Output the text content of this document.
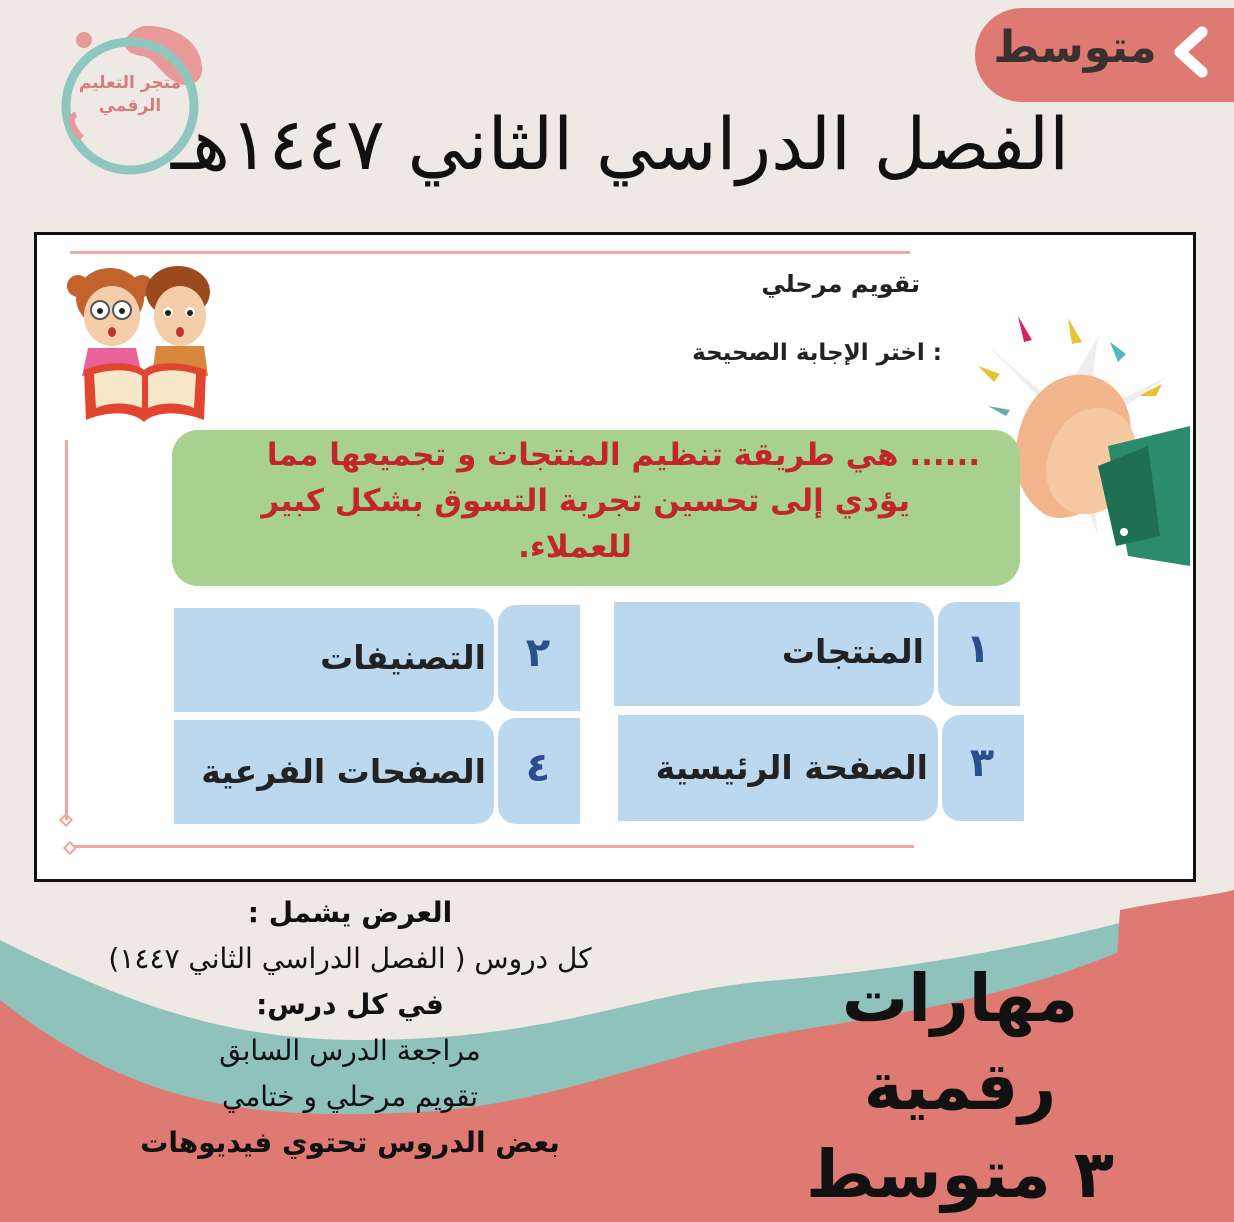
متوسط
متجر التعليم
الرقمي الفصل الدراسي الثاني ١٤٤٧هـ
تقويم مرحلي
: اختر الإجابة الصحيحة
...... هي طريقة تنظيم المنتجات و تجميعها مما
يؤدي إلى تحسين تجربة التسوق بشكل كبير
للعملاء.
المنتجات	١
التصنيفات ٢
الصفحة الرئيسية	٣
الصفحات الفرعية ٤
العرض يشمل :
كل دروس ( الفصل الدراسي الثاني ١٤٤٧)
في كل درس:
مراجعة الدرس السابق
تقويم مرحلي و ختامي
بعض الدروس تحتوي فيديوهات
مهارات رقمية
٣ متوسط
